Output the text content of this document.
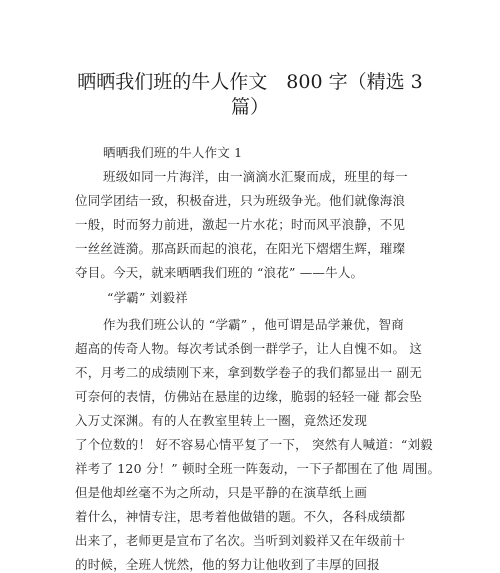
晒晒我们班的牛人作文　800 字（精选 3
篇）
晒晒我们班的牛人作文 1
班级如同一片海洋，由一滴滴水汇聚而成，班里的每一
位同学团结一致，积极奋进，只为班级争光。他们就像海浪
一般，时而努力前进，激起一片水花；时而风平浪静，不见
一丝丝涟漪。那高跃而起的浪花，在阳光下熠熠生辉，璀璨
夺目。今天，就来晒晒我们班的 “浪花” ——牛人。
“学霸” 刘毅祥
作为我们班公认的 “学霸” ，他可谓是品学兼优，智商
超高的传奇人物。每次考试杀倒一群学子，让人自愧不如。 这
不，月考二的成绩刚下来，拿到数学卷子的我们都显出一 副无
可奈何的表情，仿佛站在悬崖的边缘，脆弱的轻轻一碰 都会坠
入万丈深渊。有的人在教室里转上一圈，竟然还发现
了个位数的！ 好不容易心情平复了一下， 突然有人喊道：“刘毅
祥考了 120 分！” 顿时全班一阵轰动，一下子都围在了他 周围。
但是他却丝毫不为之所动，只是平静的在演草纸上画
着什么，神情专注，思考着他做错的题。不久，各科成绩都
出来了，老师更是宣布了名次。当听到刘毅祥又在年级前十
的时候，全班人恍然，他的努力让他收到了丰厚的回报
